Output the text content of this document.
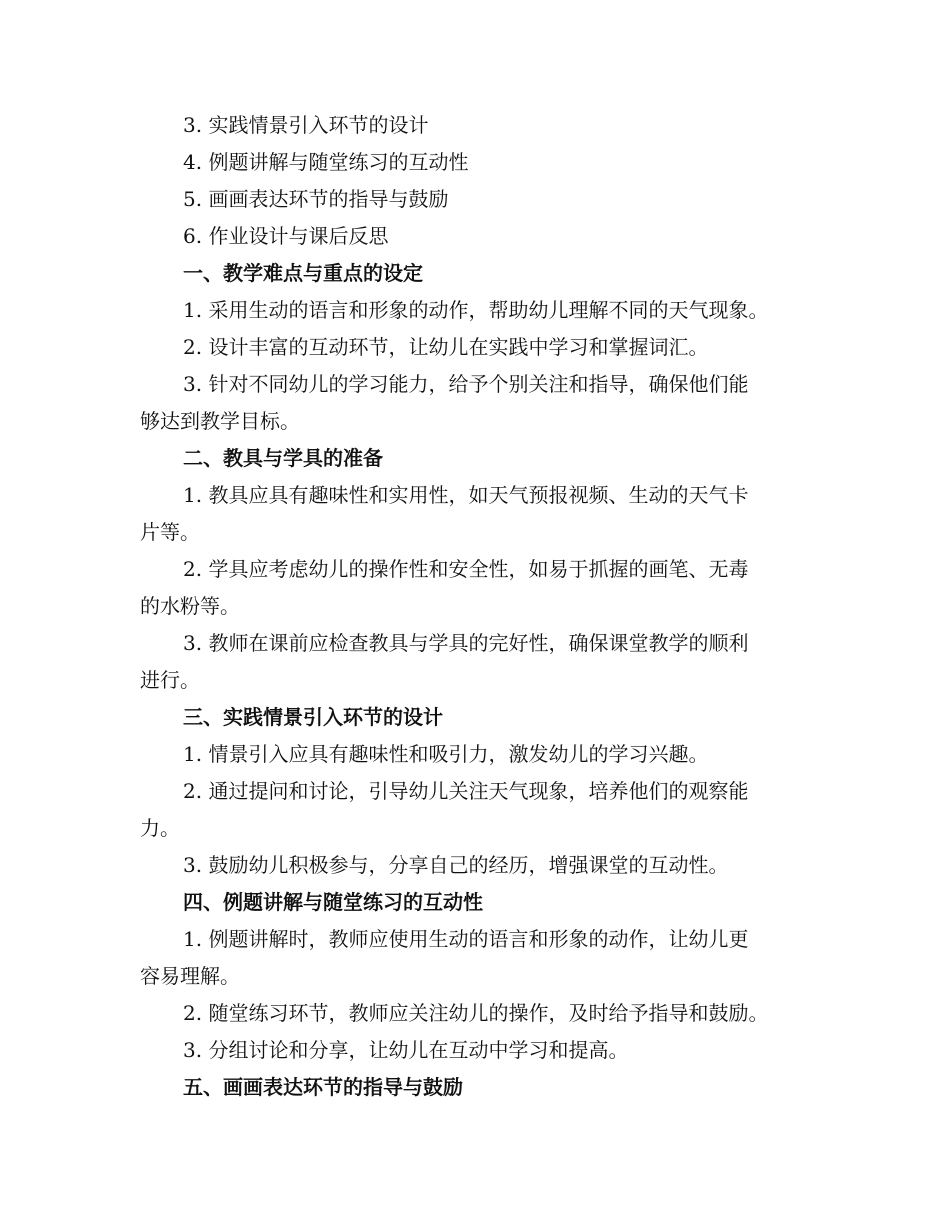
3. 实践情景引入环节的设计
4. 例题讲解与随堂练习的互动性
5. 画画表达环节的指导与鼓励
6. 作业设计与课后反思
一、教学难点与重点的设定
1. 采用生动的语言和形象的动作，帮助幼儿理解不同的天气现象。
2. 设计丰富的互动环节，让幼儿在实践中学习和掌握词汇。
3. 针对不同幼儿的学习能力，给予个别关注和指导，确保他们能
够达到教学目标。
二、教具与学具的准备
1. 教具应具有趣味性和实用性，如天气预报视频、生动的天气卡
片等。
2. 学具应考虑幼儿的操作性和安全性，如易于抓握的画笔、无毒
的水粉等。
3. 教师在课前应检查教具与学具的完好性，确保课堂教学的顺利
进行。
三、实践情景引入环节的设计
1. 情景引入应具有趣味性和吸引力，激发幼儿的学习兴趣。
2. 通过提问和讨论，引导幼儿关注天气现象，培养他们的观察能
力。
3. 鼓励幼儿积极参与，分享自己的经历，增强课堂的互动性。
四、例题讲解与随堂练习的互动性
1. 例题讲解时，教师应使用生动的语言和形象的动作，让幼儿更
容易理解。
2. 随堂练习环节，教师应关注幼儿的操作，及时给予指导和鼓励。
3. 分组讨论和分享，让幼儿在互动中学习和提高。
五、画画表达环节的指导与鼓励
